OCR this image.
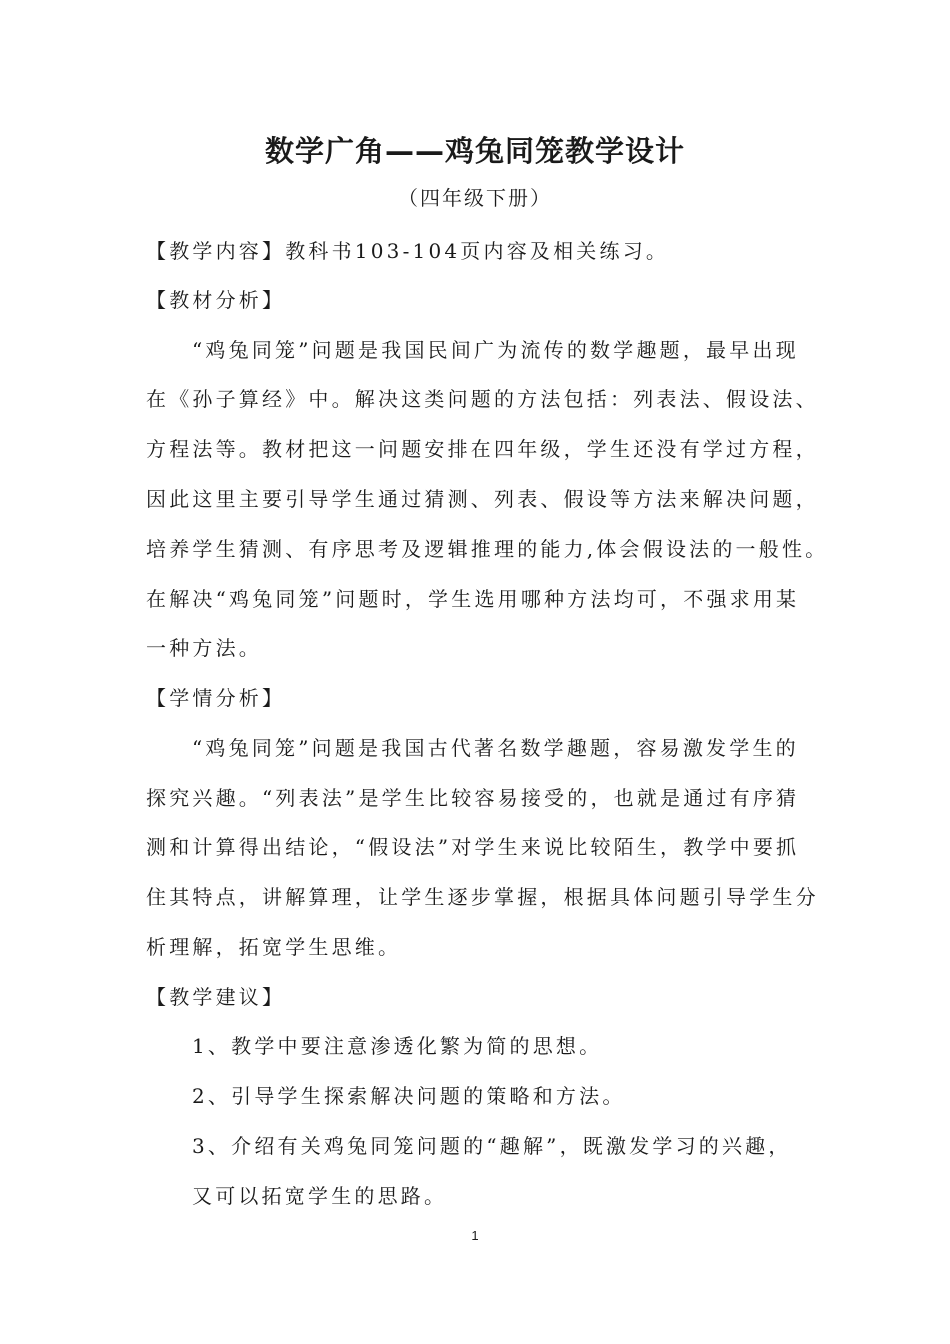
数学广角——鸡兔同笼教学设计
（四年级下册）
【教学内容】教科书103-104页内容及相关练习。
【教材分析】
“鸡兔同笼”问题是我国民间广为流传的数学趣题，最早出现
在《孙子算经》中。解决这类问题的方法包括：列表法、假设法、
方程法等。教材把这一问题安排在四年级，学生还没有学过方程，
因此这里主要引导学生通过猜测、列表、假设等方法来解决问题，
培养学生猜测、有序思考及逻辑推理的能力,体会假设法的一般性。
在解决“鸡兔同笼”问题时，学生选用哪种方法均可，不强求用某
一种方法。
【学情分析】
“鸡兔同笼”问题是我国古代著名数学趣题，容易激发学生的
探究兴趣。“列表法”是学生比较容易接受的，也就是通过有序猜
测和计算得出结论，“假设法”对学生来说比较陌生，教学中要抓
住其特点，讲解算理，让学生逐步掌握，根据具体问题引导学生分
析理解，拓宽学生思维。
【教学建议】
1、教学中要注意渗透化繁为简的思想。
2、引导学生探索解决问题的策略和方法。
3、介绍有关鸡兔同笼问题的“趣解”，既激发学习的兴趣，
又可以拓宽学生的思路。
1
